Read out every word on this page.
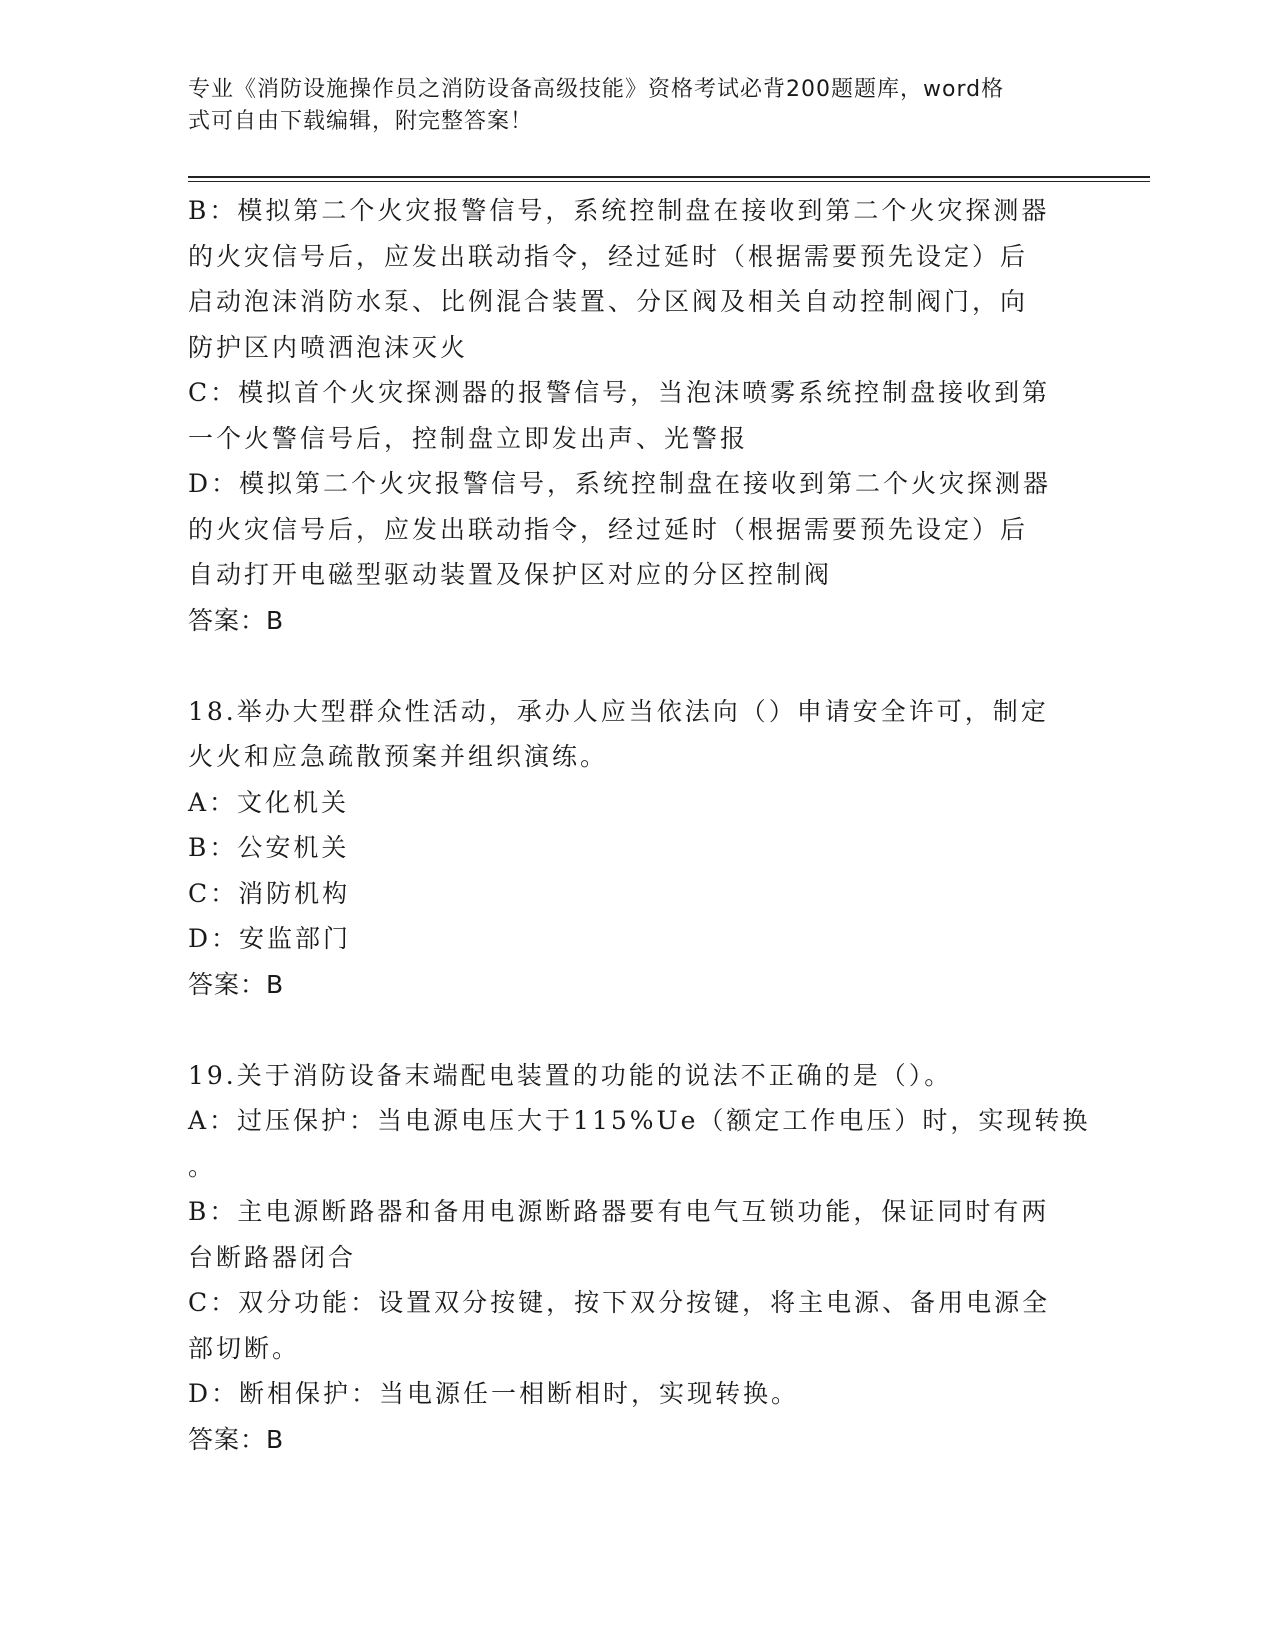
专业《消防设施操作员之消防设备高级技能》资格考试必背200题题库，word格
式可自由下载编辑，附完整答案！
B：模拟第二个火灾报警信号，系统控制盘在接收到第二个火灾探测器
的火灾信号后，应发出联动指令，经过延时（根据需要预先设定）后
启动泡沫消防水泵、比例混合装置、分区阀及相关自动控制阀门，向
防护区内喷洒泡沫灭火
C：模拟首个火灾探测器的报警信号，当泡沫喷雾系统控制盘接收到第
一个火警信号后，控制盘立即发出声、光警报
D：模拟第二个火灾报警信号，系统控制盘在接收到第二个火灾探测器
的火灾信号后，应发出联动指令，经过延时（根据需要预先设定）后
自动打开电磁型驱动装置及保护区对应的分区控制阀
答案：B
18.举办大型群众性活动，承办人应当依法向（）申请安全许可，制定
火火和应急疏散预案并组织演练。
A：文化机关
B：公安机关
C：消防机构
D：安监部门
答案：B
19.关于消防设备末端配电装置的功能的说法不正确的是（）。
A：过压保护：当电源电压大于115%Ue（额定工作电压）时，实现转换
。
B：主电源断路器和备用电源断路器要有电气互锁功能，保证同时有两
台断路器闭合
C：双分功能：设置双分按键，按下双分按键，将主电源、备用电源全
部切断。
D：断相保护：当电源任一相断相时，实现转换。
答案：B
